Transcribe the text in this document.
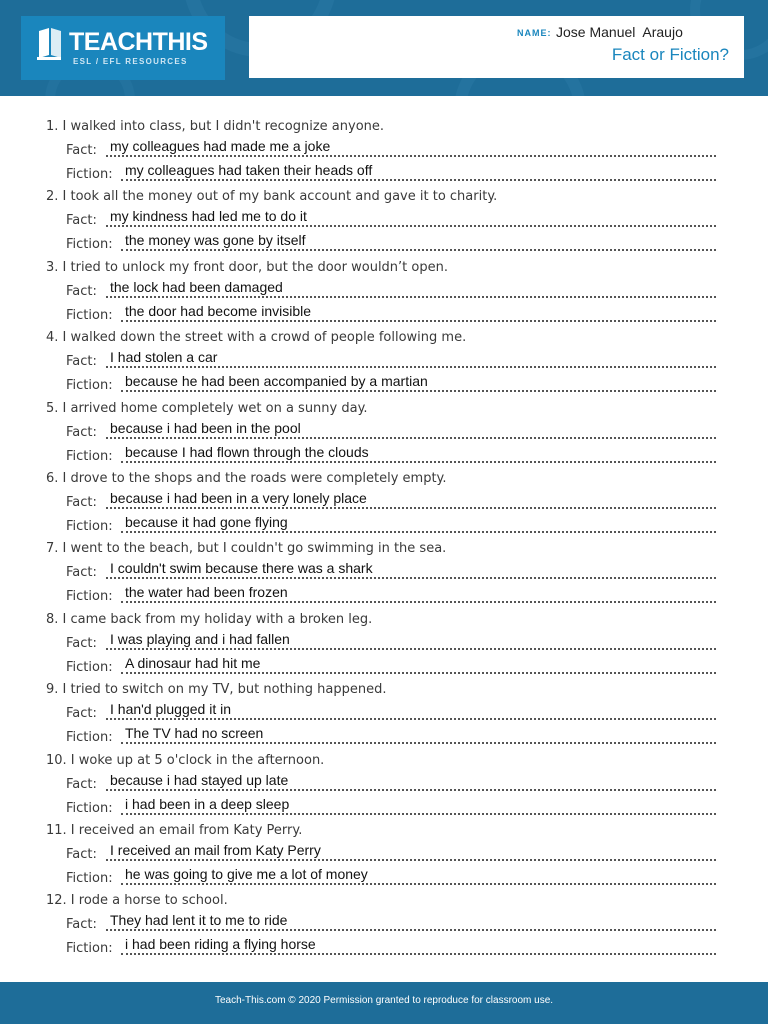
TEACHTHIS
ESL / EFL RESOURCES
NAME: Jose Manuel  Araujo
Fact or Fiction?
1. I walked into class, but I didn't recognize anyone.
Fact: my colleagues had made me a joke
Fiction: my colleagues had taken their heads off
2. I took all the money out of my bank account and gave it to charity.
Fact: my kindness had led me to do it
Fiction: the money was gone by itself
3. I tried to unlock my front door, but the door wouldn’t open.
Fact: the lock had been damaged
Fiction: the door had become invisible
4. I walked down the street with a crowd of people following me.
Fact: I had stolen a car
Fiction: because he had been accompanied by a martian
5. I arrived home completely wet on a sunny day.
Fact: because i had been in the pool
Fiction: because I had flown through the clouds
6. I drove to the shops and the roads were completely empty.
Fact: because i had been in a very lonely place
Fiction: because it had gone flying
7. I went to the beach, but I couldn't go swimming in the sea.
Fact: I couldn't swim because there was a shark
Fiction: the water had been frozen
8. I came back from my holiday with a broken leg.
Fact: I was playing and i had fallen
Fiction: A dinosaur had hit me
9. I tried to switch on my TV, but nothing happened.
Fact: I han'd plugged it in
Fiction: The TV had no screen
10. I woke up at 5 o'clock in the afternoon.
Fact: because i had stayed up late
Fiction: i had been in a deep sleep
11. I received an email from Katy Perry.
Fact: I received an mail from Katy Perry
Fiction: he was going to give me a lot of money
12. I rode a horse to school.
Fact: They had lent it to me to ride
Fiction: i had been riding a flying horse
Teach-This.com © 2020 Permission granted to reproduce for classroom use.
